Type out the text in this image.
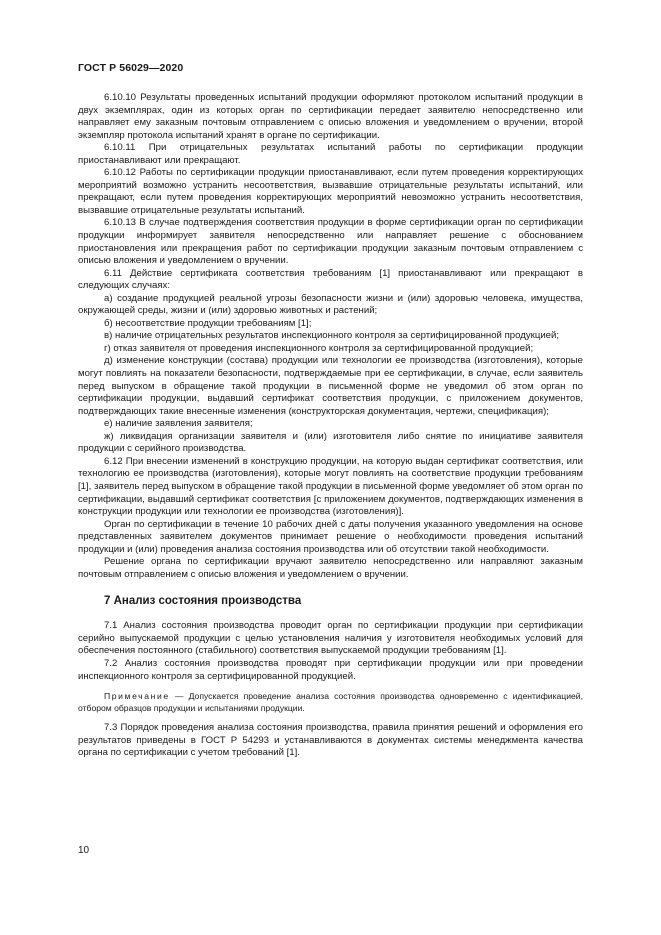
ГОСТ Р 56029—2020

6.10.10 Результаты проведенных испытаний продукции оформляют протоколом испытаний продукции в двух экземплярах, один из которых орган по сертификации передает заявителю непосредственно или направляет ему заказным почтовым отправлением с описью вложения и уведомлением о вручении, второй экземпляр протокола испытаний хранят в органе по сертификации.

6.10.11 При отрицательных результатах испытаний работы по сертификации продукции приостанавливают или прекращают.

6.10.12 Работы по сертификации продукции приостанавливают, если путем проведения корректирующих мероприятий возможно устранить несоответствия, вызвавшие отрицательные результаты испытаний, или прекращают, если путем проведения корректирующих мероприятий невозможно устранить несоответствия, вызвавшие отрицательные результаты испытаний.

6.10.13 В случае подтверждения соответствия продукции в форме сертификации орган по сертификации продукции информирует заявителя непосредственно или направляет решение с обоснованием приостановления или прекращения работ по сертификации продукции заказным почтовым отправлением с описью вложения и уведомлением о вручении.

6.11 Действие сертификата соответствия требованиям [1] приостанавливают или прекращают в следующих случаях:

а) создание продукцией реальной угрозы безопасности жизни и (или) здоровью человека, имущества, окружающей среды, жизни и (или) здоровью животных и растений;

б) несоответствие продукции требованиям [1];

в) наличие отрицательных результатов инспекционного контроля за сертифицированной продукцией;

г) отказ заявителя от проведения инспекционного контроля за сертифицированной продукцией;

д) изменение конструкции (состава) продукции или технологии ее производства (изготовления), которые могут повлиять на показатели безопасности, подтверждаемые при ее сертификации, в случае, если заявитель перед выпуском в обращение такой продукции в письменной форме не уведомил об этом орган по сертификации продукции, выдавший сертификат соответствия продукции, с приложением документов, подтверждающих такие внесенные изменения (конструкторская документация, чертежи, спецификация);

е) наличие заявления заявителя;

ж) ликвидация организации заявителя и (или) изготовителя либо снятие по инициативе заявителя продукции с серийного производства.

6.12 При внесении изменений в конструкцию продукции, на которую выдан сертификат соответствия, или технологию ее производства (изготовления), которые могут повлиять на соответствие продукции требованиям [1], заявитель перед выпуском в обращение такой продукции в письменной форме уведомляет об этом орган по сертификации, выдавший сертификат соответствия [с приложением документов, подтверждающих изменения в конструкции продукции или технологии ее производства (изготовления)].

Орган по сертификации в течение 10 рабочих дней с даты получения указанного уведомления на основе представленных заявителем документов принимает решение о необходимости проведения испытаний продукции и (или) проведения анализа состояния производства или об отсутствии такой необходимости.

Решение органа по сертификации вручают заявителю непосредственно или направляют заказным почтовым отправлением с описью вложения и уведомлением о вручении.

7 Анализ состояния производства

7.1 Анализ состояния производства проводит орган по сертификации продукции при сертификации серийно выпускаемой продукции с целью установления наличия у изготовителя необходимых условий для обеспечения постоянного (стабильного) соответствия выпускаемой продукции требованиям [1].

7.2 Анализ состояния производства проводят при сертификации продукции или при проведении инспекционного контроля за сертифицированной продукцией.

Примечание — Допускается проведение анализа состояния производства одновременно с идентификацией, отбором образцов продукции и испытаниями продукции.

7.3 Порядок проведения анализа состояния производства, правила принятия решений и оформления его результатов приведены в ГОСТ Р 54293 и устанавливаются в документах системы менеджмента качества органа по сертификации с учетом требований [1].

10
